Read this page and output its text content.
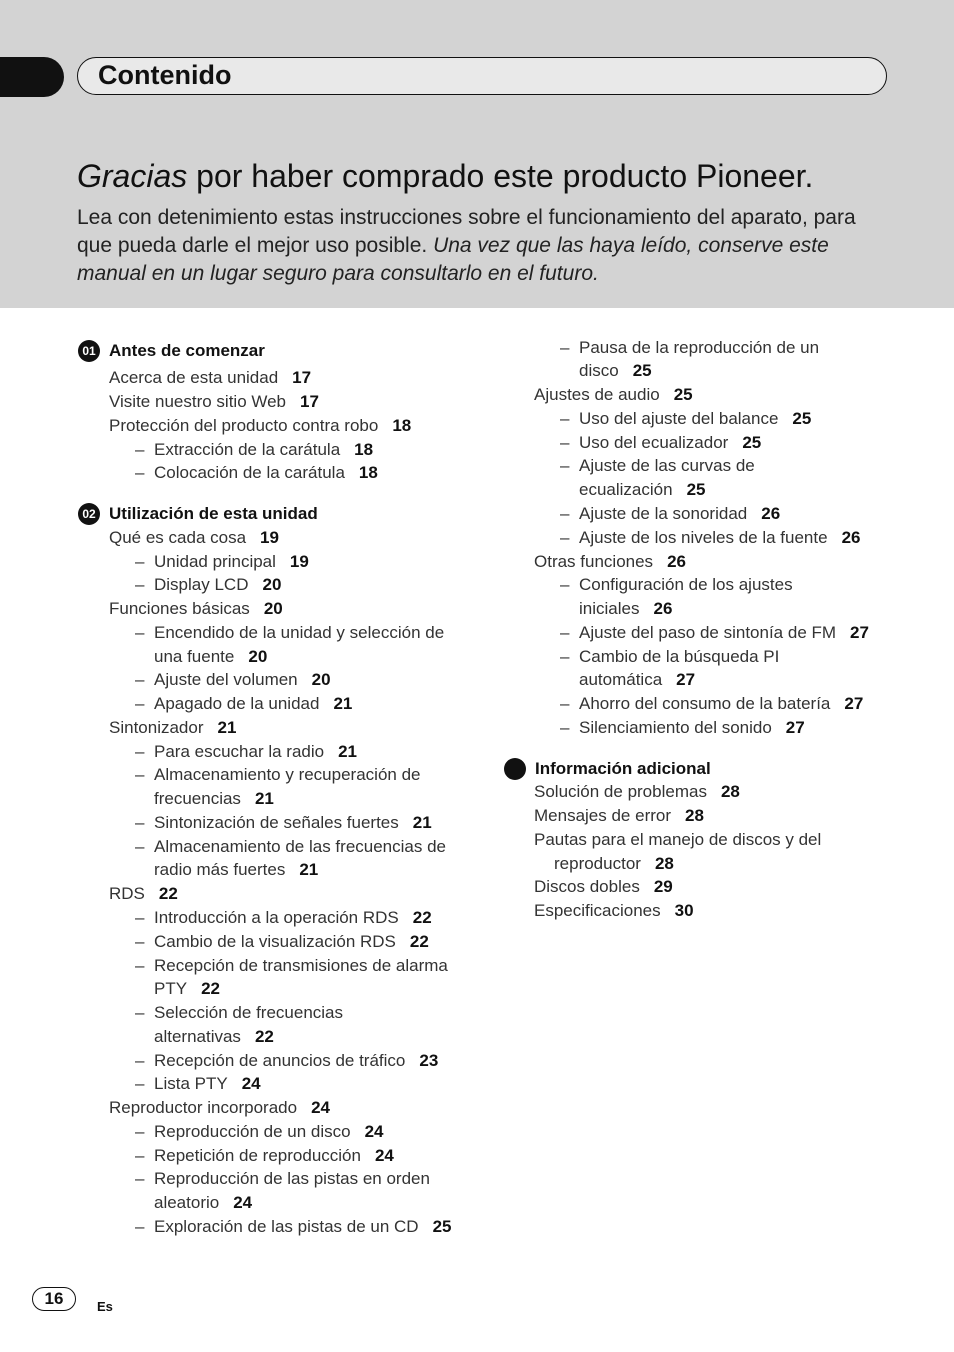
Contenido
Gracias por haber comprado este producto Pioneer.
Lea con detenimiento estas instrucciones sobre el funcionamiento del aparato, para que pueda darle el mejor uso posible. Una vez que las haya leído, conserve este manual en un lugar seguro para consultarlo en el futuro.
01 Antes de comenzar
02 Utilización de esta unidad
Información adicional
Acerca de esta unidad 17
Visite nuestro sitio Web 17
Protección del producto contra robo 18
– Extracción de la carátula 18
– Colocación de la carátula 18
Qué es cada cosa 19
– Unidad principal 19
– Display LCD 20
Funciones básicas 20
– Encendido de la unidad y selección de
una fuente 20
– Ajuste del volumen 20
– Apagado de la unidad 21
Sintonizador 21
– Para escuchar la radio 21
– Almacenamiento y recuperación de
frecuencias 21
– Sintonización de señales fuertes 21
– Almacenamiento de las frecuencias de
radio más fuertes 21
RDS 22
– Introducción a la operación RDS 22
– Cambio de la visualización RDS 22
– Recepción de transmisiones de alarma
PTY 22
– Selección de frecuencias
alternativas 22
– Recepción de anuncios de tráfico 23
– Lista PTY 24
Reproductor incorporado 24
– Reproducción de un disco 24
– Repetición de reproducción 24
– Reproducción de las pistas en orden
aleatorio 24
– Exploración de las pistas de un CD 25
– Pausa de la reproducción de un
disco 25
Ajustes de audio 25
– Uso del ajuste del balance 25
– Uso del ecualizador 25
– Ajuste de las curvas de
ecualización 25
– Ajuste de la sonoridad 26
– Ajuste de los niveles de la fuente 26
Otras funciones 26
– Configuración de los ajustes
iniciales 26
– Ajuste del paso de sintonía de FM 27
– Cambio de la búsqueda PI
automática 27
– Ahorro del consumo de la batería 27
– Silenciamiento del sonido 27
Solución de problemas 28
Mensajes de error 28
Pautas para el manejo de discos y del
reproductor 28
Discos dobles 29
Especificaciones 30
16	Es
